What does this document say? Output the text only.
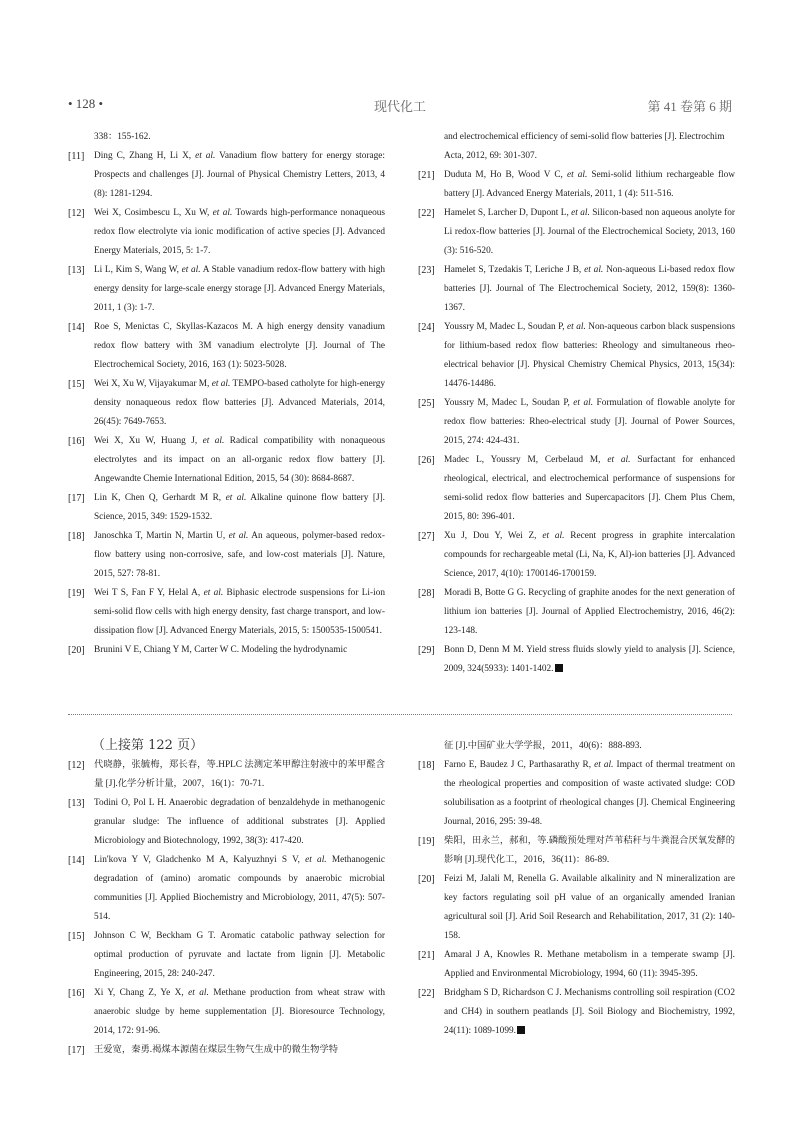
• 128 •	现代化工	第 41 卷第 6 期
338：155-162.
[11] Ding C, Zhang H, Li X, et al. Vanadium flow battery for energy storage: Prospects and challenges [J]. Journal of Physical Chemistry Letters, 2013, 4 (8): 1281-1294.
[12] Wei X, Cosimbescu L, Xu W, et al. Towards high-performance nonaqueous redox flow electrolyte via ionic modification of active species [J]. Advanced Energy Materials, 2015, 5: 1-7.
[13] Li L, Kim S, Wang W, et al. A Stable vanadium redox-flow battery with high energy density for large-scale energy storage [J]. Advanced Energy Materials, 2011, 1 (3): 1-7.
[14] Roe S, Menictas C, Skyllas-Kazacos M. A high energy density vanadium redox flow battery with 3M vanadium electrolyte [J]. Journal of The Electrochemical Society, 2016, 163 (1): 5023-5028.
[15] Wei X, Xu W, Vijayakumar M, et al. TEMPO-based catholyte for high-energy density nonaqueous redox flow batteries [J]. Advanced Materials, 2014, 26(45): 7649-7653.
[16] Wei X, Xu W, Huang J, et al. Radical compatibility with nonaqueous electrolytes and its impact on an all-organic redox flow battery [J]. Angewandte Chemie International Edition, 2015, 54 (30): 8684-8687.
[17] Lin K, Chen Q, Gerhardt M R, et al. Alkaline quinone flow battery [J]. Science, 2015, 349: 1529-1532.
[18] Janoschka T, Martin N, Martin U, et al. An aqueous, polymer-based redox-flow battery using non-corrosive, safe, and low-cost materials [J]. Nature, 2015, 527: 78-81.
[19] Wei T S, Fan F Y, Helal A, et al. Biphasic electrode suspensions for Li-ion semi-solid flow cells with high energy density, fast charge transport, and low-dissipation flow [J]. Advanced Energy Materials, 2015, 5: 1500535-1500541.
[20] Brunini V E, Chiang Y M, Carter W C. Modeling the hydrodynamic
and electrochemical efficiency of semi-solid flow batteries [J]. Electrochim Acta, 2012, 69: 301-307.
[21] Duduta M, Ho B, Wood V C, et al. Semi-solid lithium rechargeable flow battery [J]. Advanced Energy Materials, 2011, 1 (4): 511-516.
[22] Hamelet S, Larcher D, Dupont L, et al. Silicon-based non aqueous anolyte for Li redox-flow batteries [J]. Journal of the Electrochemical Society, 2013, 160 (3): 516-520.
[23] Hamelet S, Tzedakis T, Leriche J B, et al. Non-aqueous Li-based redox flow batteries [J]. Journal of The Electrochemical Society, 2012, 159(8): 1360-1367.
[24] Youssry M, Madec L, Soudan P, et al. Non-aqueous carbon black suspensions for lithium-based redox flow batteries: Rheology and simultaneous rheo-electrical behavior [J]. Physical Chemistry Chemical Physics, 2013, 15(34): 14476-14486.
[25] Youssry M, Madec L, Soudan P, et al. Formulation of flowable anolyte for redox flow batteries: Rheo-electrical study [J]. Journal of Power Sources, 2015, 274: 424-431.
[26] Madec L, Youssry M, Cerbelaud M, et al. Surfactant for enhanced rheological, electrical, and electrochemical performance of suspensions for semi-solid redox flow batteries and Supercapacitors [J]. Chem Plus Chem, 2015, 80: 396-401.
[27] Xu J, Dou Y, Wei Z, et al. Recent progress in graphite intercalation compounds for rechargeable metal (Li, Na, K, Al)-ion batteries [J]. Advanced Science, 2017, 4(10): 1700146-1700159.
[28] Moradi B, Botte G G. Recycling of graphite anodes for the next generation of lithium ion batteries [J]. Journal of Applied Electrochemistry, 2016, 46(2): 123-148.
[29] Bonn D, Denn M M. Yield stress fluids slowly yield to analysis [J]. Science, 2009, 324(5933): 1401-1402.
（上接第 122 页）
[12] 代晓静，张毓梅，郑长春，等.HPLC 法测定苯甲醇注射液中的苯甲醛含量 [J].化学分析计量，2007，16(1)：70-71.
[13] Todini O, Pol L H. Anaerobic degradation of benzaldehyde in methanogenic granular sludge: The influence of additional substrates [J]. Applied Microbiology and Biotechnology, 1992, 38(3): 417-420.
[14] Lin'kova Y V, Gladchenko M A, Kalyuzhnyi S V, et al. Methanogenic degradation of (amino) aromatic compounds by anaerobic microbial communities [J]. Applied Biochemistry and Microbiology, 2011, 47(5): 507-514.
[15] Johnson C W, Beckham G T. Aromatic catabolic pathway selection for optimal production of pyruvate and lactate from lignin [J]. Metabolic Engineering, 2015, 28: 240-247.
[16] Xi Y, Chang Z, Ye X, et al. Methane production from wheat straw with anaerobic sludge by heme supplementation [J]. Bioresource Technology, 2014, 172: 91-96.
[17] 王爱宽，秦勇.褐煤本源菌在煤层生物气生成中的微生物学特
征 [J].中国矿业大学学报，2011，40(6)：888-893.
[18] Farno E, Baudez J C, Parthasarathy R, et al. Impact of thermal treatment on the rheological properties and composition of waste activated sludge: COD solubilisation as a footprint of rheological changes [J]. Chemical Engineering Journal, 2016, 295: 39-48.
[19] 柴阳，田永兰，郝和，等.磷酸预处理对芦苇秸秆与牛粪混合厌氧发酵的影响 [J].现代化工，2016，36(11)：86-89.
[20] Feizi M, Jalali M, Renella G. Available alkalinity and N mineralization are key factors regulating soil pH value of an organically amended Iranian agricultural soil [J]. Arid Soil Research and Rehabilitation, 2017, 31 (2): 140-158.
[21] Amaral J A, Knowles R. Methane metabolism in a temperate swamp [J]. Applied and Environmental Microbiology, 1994, 60 (11): 3945-395.
[22] Bridgham S D, Richardson C J. Mechanisms controlling soil respiration (CO2 and CH4) in southern peatlands [J]. Soil Biology and Biochemistry, 1992, 24(11): 1089-1099.
